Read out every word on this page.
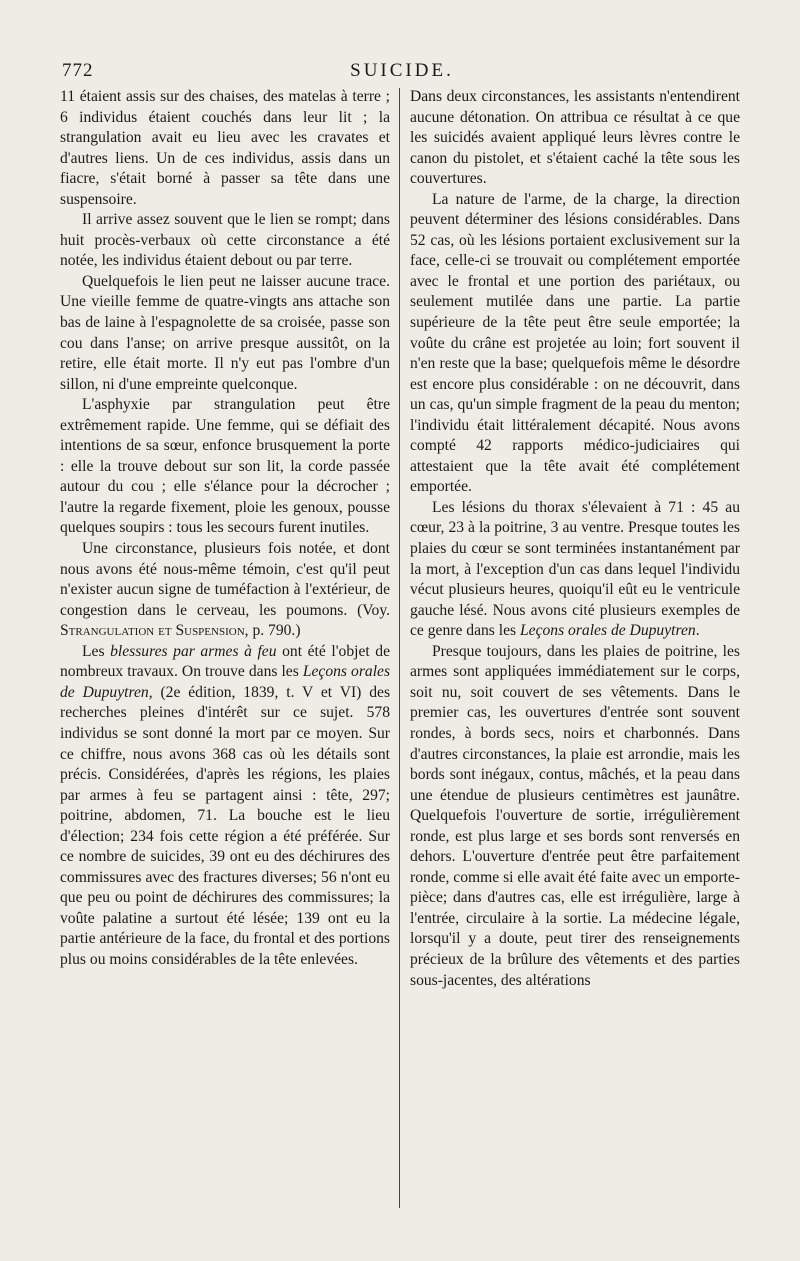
772	SUICIDE.

11 étaient assis sur des chaises, des matelas à terre ; 6 individus étaient couchés dans leur lit ; la strangulation avait eu lieu avec les cravates et d'autres liens. Un de ces individus, assis dans un fiacre, s'était borné à passer sa tête dans une suspensoire.

Il arrive assez souvent que le lien se rompt; dans huit procès-verbaux où cette circonstance a été notée, les individus étaient debout ou par terre.

Quelquefois le lien peut ne laisser aucune trace. Une vieille femme de quatre-vingts ans attache son bas de laine à l'espagnolette de sa croisée, passe son cou dans l'anse; on arrive presque aussitôt, on la retire, elle était morte. Il n'y eut pas l'ombre d'un sillon, ni d'une empreinte quelconque.

L'asphyxie par strangulation peut être extrêmement rapide. Une femme, qui se défiait des intentions de sa sœur, enfonce brusquement la porte : elle la trouve debout sur son lit, la corde passée autour du cou ; elle s'élance pour la décrocher ; l'autre la regarde fixement, ploie les genoux, pousse quelques soupirs : tous les secours furent inutiles.

Une circonstance, plusieurs fois notée, et dont nous avons été nous-même témoin, c'est qu'il peut n'exister aucun signe de tuméfaction à l'extérieur, de congestion dans le cerveau, les poumons. (Voy. Strangulation et Suspension, p. 790.)

Les blessures par armes à feu ont été l'objet de nombreux travaux. On trouve dans les Leçons orales de Dupuytren, (2e édition, 1839, t. V et VI) des recherches pleines d'intérêt sur ce sujet. 578 individus se sont donné la mort par ce moyen. Sur ce chiffre, nous avons 368 cas où les détails sont précis. Considérées, d'après les régions, les plaies par armes à feu se partagent ainsi : tête, 297; poitrine, abdomen, 71. La bouche est le lieu d'élection; 234 fois cette région a été préférée. Sur ce nombre de suicides, 39 ont eu des déchirures des commissures avec des fractures diverses; 56 n'ont eu que peu ou point de déchirures des commissures; la voûte palatine a surtout été lésée; 139 ont eu la partie antérieure de la face, du frontal et des portions plus ou moins considérables de la tête enlevées.

Dans deux circonstances, les assistants n'entendirent aucune détonation. On attribua ce résultat à ce que les suicidés avaient appliqué leurs lèvres contre le canon du pistolet, et s'étaient caché la tête sous les couvertures.

La nature de l'arme, de la charge, la direction peuvent déterminer des lésions considérables. Dans 52 cas, où les lésions portaient exclusivement sur la face, celle-ci se trouvait ou complétement emportée avec le frontal et une portion des pariétaux, ou seulement mutilée dans une partie. La partie supérieure de la tête peut être seule emportée; la voûte du crâne est projetée au loin; fort souvent il n'en reste que la base; quelquefois même le désordre est encore plus considérable : on ne découvrit, dans un cas, qu'un simple fragment de la peau du menton; l'individu était littéralement décapité. Nous avons compté 42 rapports médico-judiciaires qui attestaient que la tête avait été complétement emportée.

Les lésions du thorax s'élevaient à 71 : 45 au cœur, 23 à la poitrine, 3 au ventre. Presque toutes les plaies du cœur se sont terminées instantanément par la mort, à l'exception d'un cas dans lequel l'individu vécut plusieurs heures, quoiqu'il eût eu le ventricule gauche lésé. Nous avons cité plusieurs exemples de ce genre dans les Leçons orales de Dupuytren.

Presque toujours, dans les plaies de poitrine, les armes sont appliquées immédiatement sur le corps, soit nu, soit couvert de ses vêtements. Dans le premier cas, les ouvertures d'entrée sont souvent rondes, à bords secs, noirs et charbonnés. Dans d'autres circonstances, la plaie est arrondie, mais les bords sont inégaux, contus, mâchés, et la peau dans une étendue de plusieurs centimètres est jaunâtre. Quelquefois l'ouverture de sortie, irrégulièrement ronde, est plus large et ses bords sont renversés en dehors. L'ouverture d'entrée peut être parfaitement ronde, comme si elle avait été faite avec un emporte-pièce; dans d'autres cas, elle est irrégulière, large à l'entrée, circulaire à la sortie. La médecine légale, lorsqu'il y a doute, peut tirer des renseignements précieux de la brûlure des vêtements et des parties sous-jacentes, des altérations
